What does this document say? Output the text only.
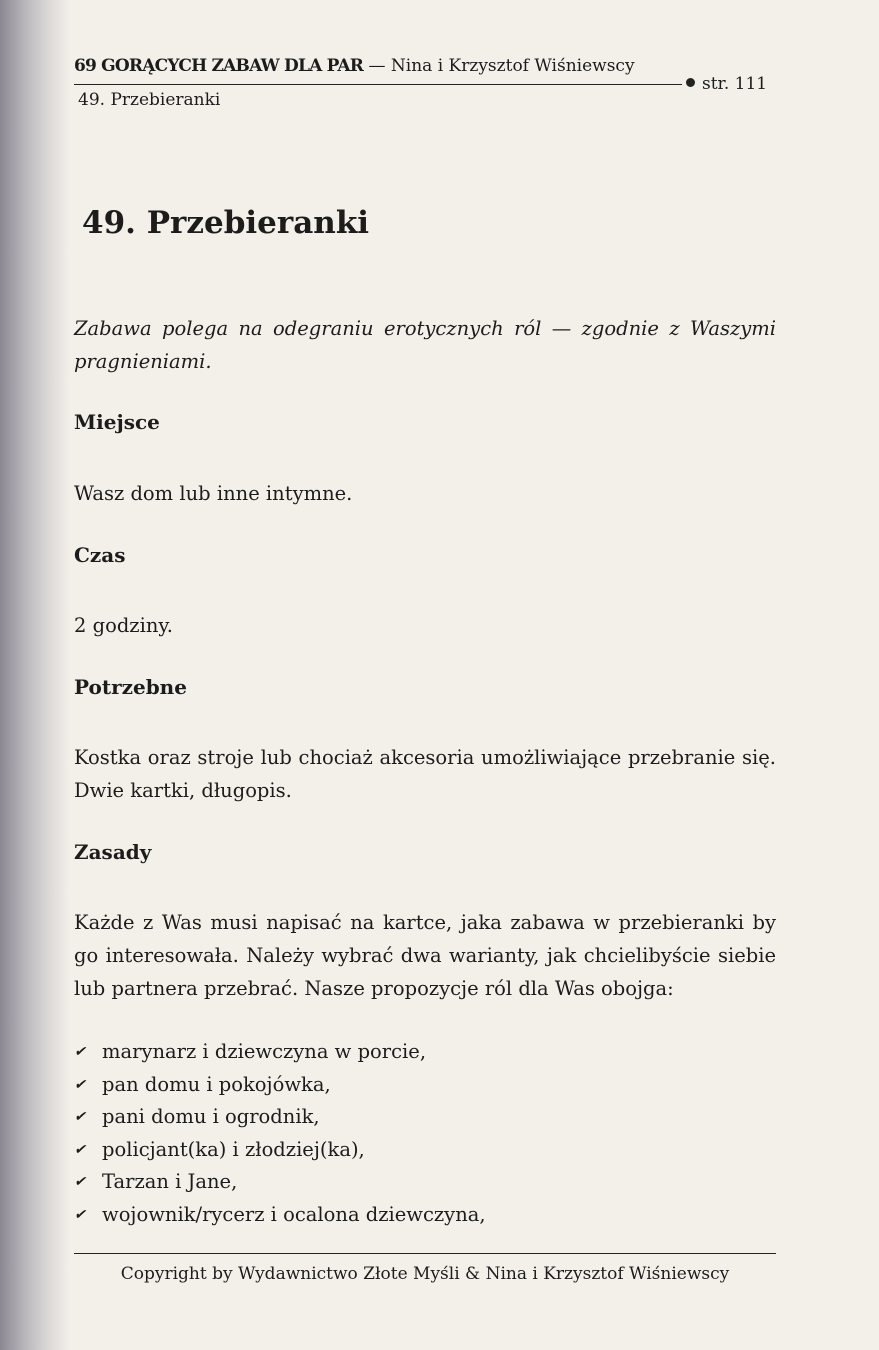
69 GORĄCYCH ZABAW DLA PAR — Nina i Krzysztof Wiśniewscy
str. 111
49. Przebieranki
49. Przebieranki

Zabawa polega na odegraniu erotycznych ról — zgodnie z Waszymi pragnieniami.

Miejsce

Wasz dom lub inne intymne.

Czas

2 godziny.

Potrzebne

Kostka oraz stroje lub chociaż akcesoria umożliwiające przebranie się. Dwie kartki, długopis.

Zasady

Każde z Was musi napisać na kartce, jaka zabawa w przebieranki by go interesowała. Należy wybrać dwa warianty, jak chcielibyście siebie lub partnera przebrać. Nasze propozycje ról dla Was obojga:

✔ marynarz i dziewczyna w porcie,
✔ pan domu i pokojówka,
✔ pani domu i ogrodnik,
✔ policjant(ka) i złodziej(ka),
✔ Tarzan i Jane,
✔ wojownik/rycerz i ocalona dziewczyna,
Copyright by Wydawnictwo Złote Myśli & Nina i Krzysztof Wiśniewscy
